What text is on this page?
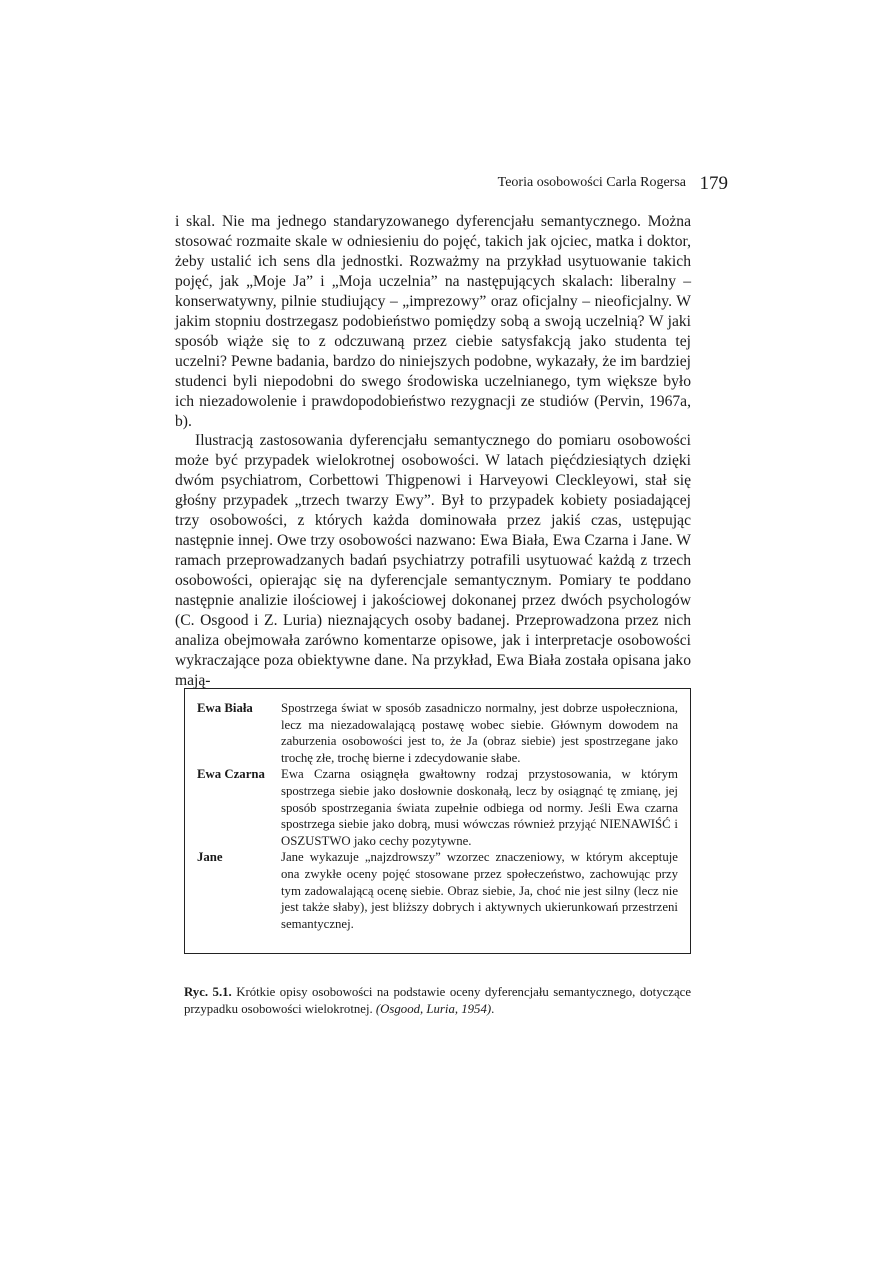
Teoria osobowości Carla Rogersa 179

i skal. Nie ma jednego standaryzowanego dyferencjału semantycznego. Można stosować rozmaite skale w odniesieniu do pojęć, takich jak ojciec, matka i doktor, żeby ustalić ich sens dla jednostki. Rozważmy na przykład usytuowanie takich pojęć, jak „Moje Ja” i „Moja uczelnia” na następujących skalach: liberalny – konserwatywny, pilnie studiujący – „imprezowy” oraz oficjalny – nieoficjalny. W jakim stopniu dostrzegasz podobieństwo pomiędzy sobą a swoją uczelnią? W jaki sposób wiąże się to z odczuwaną przez ciebie satysfakcją jako studenta tej uczelni? Pewne badania, bardzo do niniejszych podobne, wykazały, że im bardziej studenci byli niepodobni do swego środowiska uczelnianego, tym większe było ich niezadowolenie i prawdopodobieństwo rezygnacji ze studiów (Pervin, 1967a, b).

Ilustracją zastosowania dyferencjału semantycznego do pomiaru osobowości może być przypadek wielokrotnej osobowości. W latach pięćdziesiątych dzięki dwóm psychiatrom, Corbettowi Thigpenowi i Harveyowi Cleckleyowi, stał się głośny przypadek „trzech twarzy Ewy”. Był to przypadek kobiety posiadającej trzy osobowości, z których każda dominowała przez jakiś czas, ustępując następnie innej. Owe trzy osobowości nazwano: Ewa Biała, Ewa Czarna i Jane. W ramach przeprowadzanych badań psychiatrzy potrafili usytuować każdą z trzech osobowości, opierając się na dyferencjale semantycznym. Pomiary te poddano następnie analizie ilościowej i jakościowej dokonanej przez dwóch psychologów (C. Osgood i Z. Luria) nieznających osoby badanej. Przeprowadzona przez nich analiza obejmowała zarówno komentarze opisowe, jak i interpretacje osobowości wykraczające poza obiektywne dane. Na przykład, Ewa Biała została opisana jako mają-

Ewa Biała	Spostrzega świat w sposób zasadniczo normalny, jest dobrze uspołeczniona, lecz ma niezadowalającą postawę wobec siebie. Głównym dowodem na zaburzenia osobowości jest to, że Ja (obraz siebie) jest spostrzegane jako trochę złe, trochę bierne i zdecydowanie słabe.
Ewa Czarna	Ewa Czarna osiągnęła gwałtowny rodzaj przystosowania, w którym spostrzega siebie jako dosłownie doskonałą, lecz by osiągnąć tę zmianę, jej sposób spostrzegania świata zupełnie odbiega od normy. Jeśli Ewa czarna spostrzega siebie jako dobrą, musi wówczas również przyjąć NIENAWIŚĆ i OSZUSTWO jako cechy pozytywne.
Jane	Jane wykazuje „najzdrowszy” wzorzec znaczeniowy, w którym akceptuje ona zwykłe oceny pojęć stosowane przez społeczeństwo, zachowując przy tym zadowalającą ocenę siebie. Obraz siebie, Ja, choć nie jest silny (lecz nie jest także słaby), jest bliższy dobrych i aktywnych ukierunkowań przestrzeni semantycznej.
Ryc. 5.1. Krótkie opisy osobowości na podstawie oceny dyferencjału semantycznego, dotyczące przypadku osobowości wielokrotnej. (Osgood, Luria, 1954).
